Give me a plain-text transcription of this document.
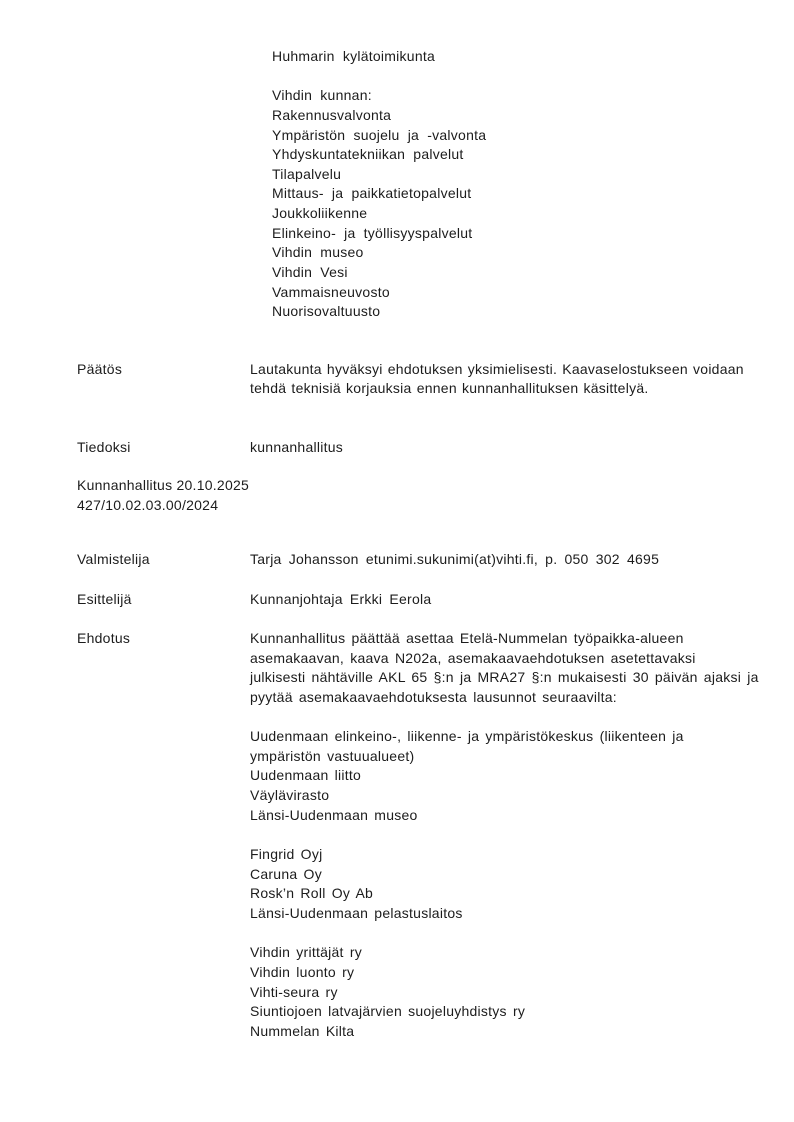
Huhmarin kylätoimikunta

Vihdin kunnan:
Rakennusvalvonta
Ympäristön suojelu ja -valvonta
Yhdyskuntatekniikan palvelut
Tilapalvelu
Mittaus- ja paikkatietopalvelut
Joukkoliikenne
Elinkeino- ja työllisyyspalvelut
Vihdin museo
Vihdin Vesi
Vammaisneuvosto
Nuorisovaltuusto
Päätös	Lautakunta hyväksyi ehdotuksen yksimielisesti. Kaavaselostukseen voidaan
tehdä teknisiä korjauksia ennen kunnanhallituksen käsittelyä.
Tiedoksi	kunnanhallitus
Kunnanhallitus 20.10.2025
427/10.02.03.00/2024
Valmistelija	Tarja Johansson etunimi.sukunimi(at)vihti.fi, p. 050 302 4695
Esittelijä	Kunnanjohtaja Erkki Eerola
Ehdotus	Kunnanhallitus päättää asettaa Etelä-Nummelan työpaikka-alueen
asemakaavan, kaava N202a, asemakaavaehdotuksen asetettavaksi
julkisesti nähtäville AKL 65 §:n ja MRA27 §:n mukaisesti 30 päivän ajaksi ja
pyytää asemakaavaehdotuksesta lausunnot seuraavilta:

Uudenmaan elinkeino-, liikenne- ja ympäristökeskus (liikenteen ja
ympäristön vastuualueet)
Uudenmaan liitto
Väylävirasto
Länsi-Uudenmaan museo

Fingrid Oyj
Caruna Oy
Rosk’n Roll Oy Ab
Länsi-Uudenmaan pelastuslaitos

Vihdin yrittäjät ry
Vihdin luonto ry
Vihti-seura ry
Siuntiojoen latvajärvien suojeluyhdistys ry
Nummelan Kilta
